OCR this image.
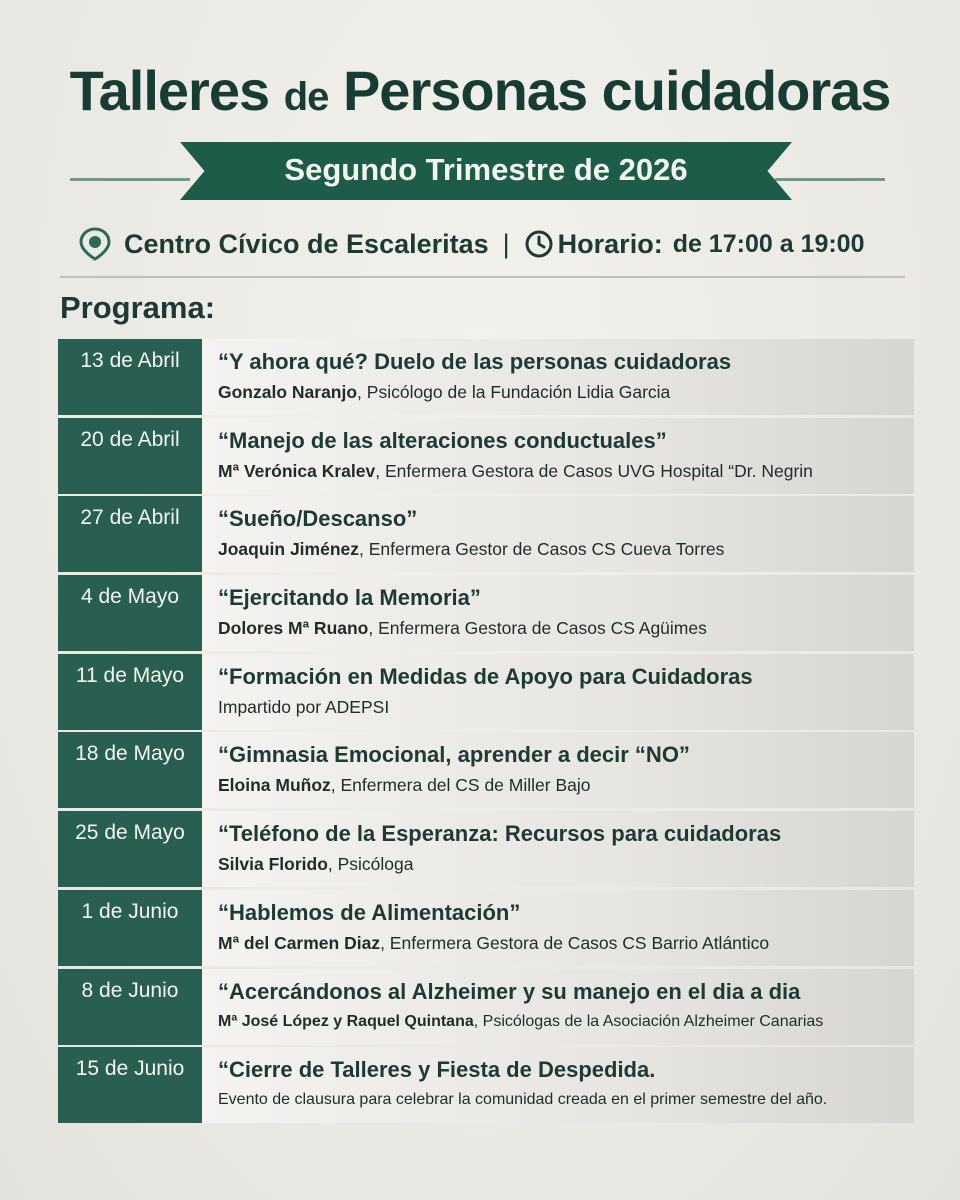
Talleres de Personas cuidadoras
Segundo Trimestre de 2026
Centro Cívico de Escaleritas | Horario: de 17:00 a 19:00
Programa:
13 de Abril	“Y ahora qué? Duelo de las personas cuidadoras
Gonzalo Naranjo, Psicólogo de la Fundación Lidia Garcia
20 de Abril	“Manejo de las alteraciones conductuales”
Mª Verónica Kralev, Enfermera Gestora de Casos UVG Hospital “Dr. Negrin
27 de Abril	“Sueño/Descanso”
Joaquin Jiménez, Enfermera Gestor de Casos CS Cueva Torres
4 de Mayo	“Ejercitando la Memoria”
Dolores Mª Ruano, Enfermera Gestora de Casos CS Agüimes
11 de Mayo	“Formación en Medidas de Apoyo para Cuidadoras
Impartido por ADEPSI
18 de Mayo	“Gimnasia Emocional, aprender a decir “NO”
Eloina Muñoz, Enfermera del CS de Miller Bajo
25 de Mayo	“Teléfono de la Esperanza: Recursos para cuidadoras
Silvia Florido, Psicóloga
1 de Junio	“Hablemos de Alimentación”
Mª del Carmen Diaz, Enfermera Gestora de Casos CS Barrio Atlántico
8 de Junio	“Acercándonos al Alzheimer y su manejo en el dia a dia
Mª José López y Raquel Quintana, Psicólogas de la Asociación Alzheimer Canarias
15 de Junio	“Cierre de Talleres y Fiesta de Despedida.
Evento de clausura para celebrar la comunidad creada en el primer semestre del año.
